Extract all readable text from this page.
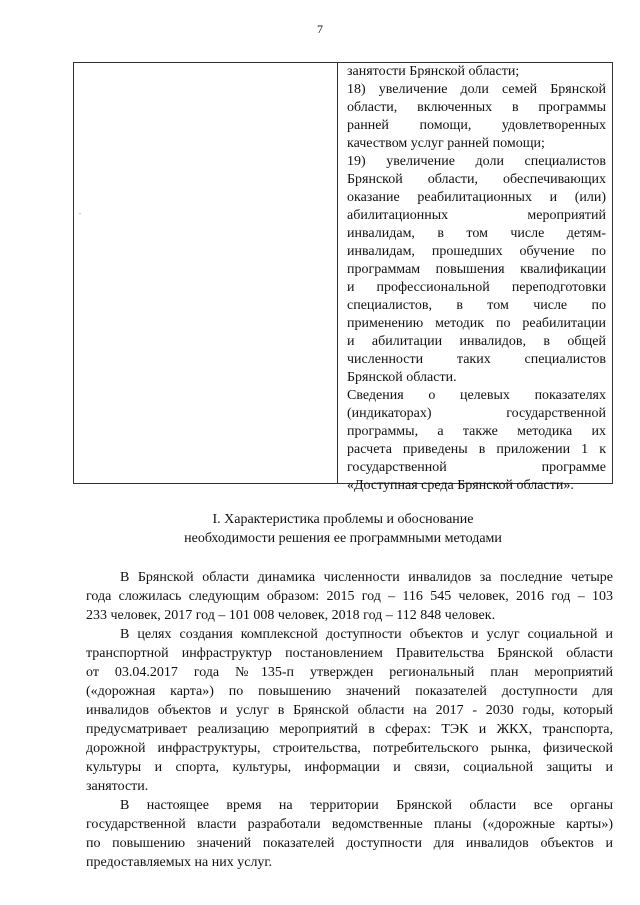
7
.
занятости Брянской области;
18) увеличение доли семей Брянской
области, включенных в программы
ранней помощи, удовлетворенных
качеством услуг ранней помощи;
19) увеличение доли специалистов
Брянской области, обеспечивающих
оказание реабилитационных и (или)
абилитационных мероприятий
инвалидам, в том числе детям-
инвалидам, прошедших обучение по
программам повышения квалификации
и профессиональной переподготовки
специалистов, в том числе по
применению методик по реабилитации
и абилитации инвалидов, в общей
численности таких специалистов
Брянской области.
Сведения о целевых показателях
(индикаторах) государственной
программы, а также методика их
расчета приведены в приложении 1 к
государственной программе
«Доступная среда Брянской области».
I. Характеристика проблемы и обоснование
необходимости решения ее программными методами
В Брянской области динамика численности инвалидов за последние четыре
года сложилась следующим образом: 2015 год – 116 545 человек, 2016 год – 103
233 человек, 2017 год – 101 008 человек, 2018 год – 112 848 человек.
В целях создания комплексной доступности объектов и услуг социальной и
транспортной инфраструктур постановлением Правительства Брянской области
от 03.04.2017 года №135-п утвержден региональный план мероприятий
(«дорожная карта») по повышению значений показателей доступности для
инвалидов объектов и услуг в Брянской области на 2017 - 2030 годы, который
предусматривает реализацию мероприятий в сферах: ТЭК и ЖКХ, транспорта,
дорожной инфраструктуры, строительства, потребительского рынка, физической
культуры и спорта, культуры, информации и связи, социальной защиты и
занятости.
В настоящее время на территории Брянской области все органы
государственной власти разработали ведомственные планы («дорожные карты»)
по повышению значений показателей доступности для инвалидов объектов и
предоставляемых на них услуг.
